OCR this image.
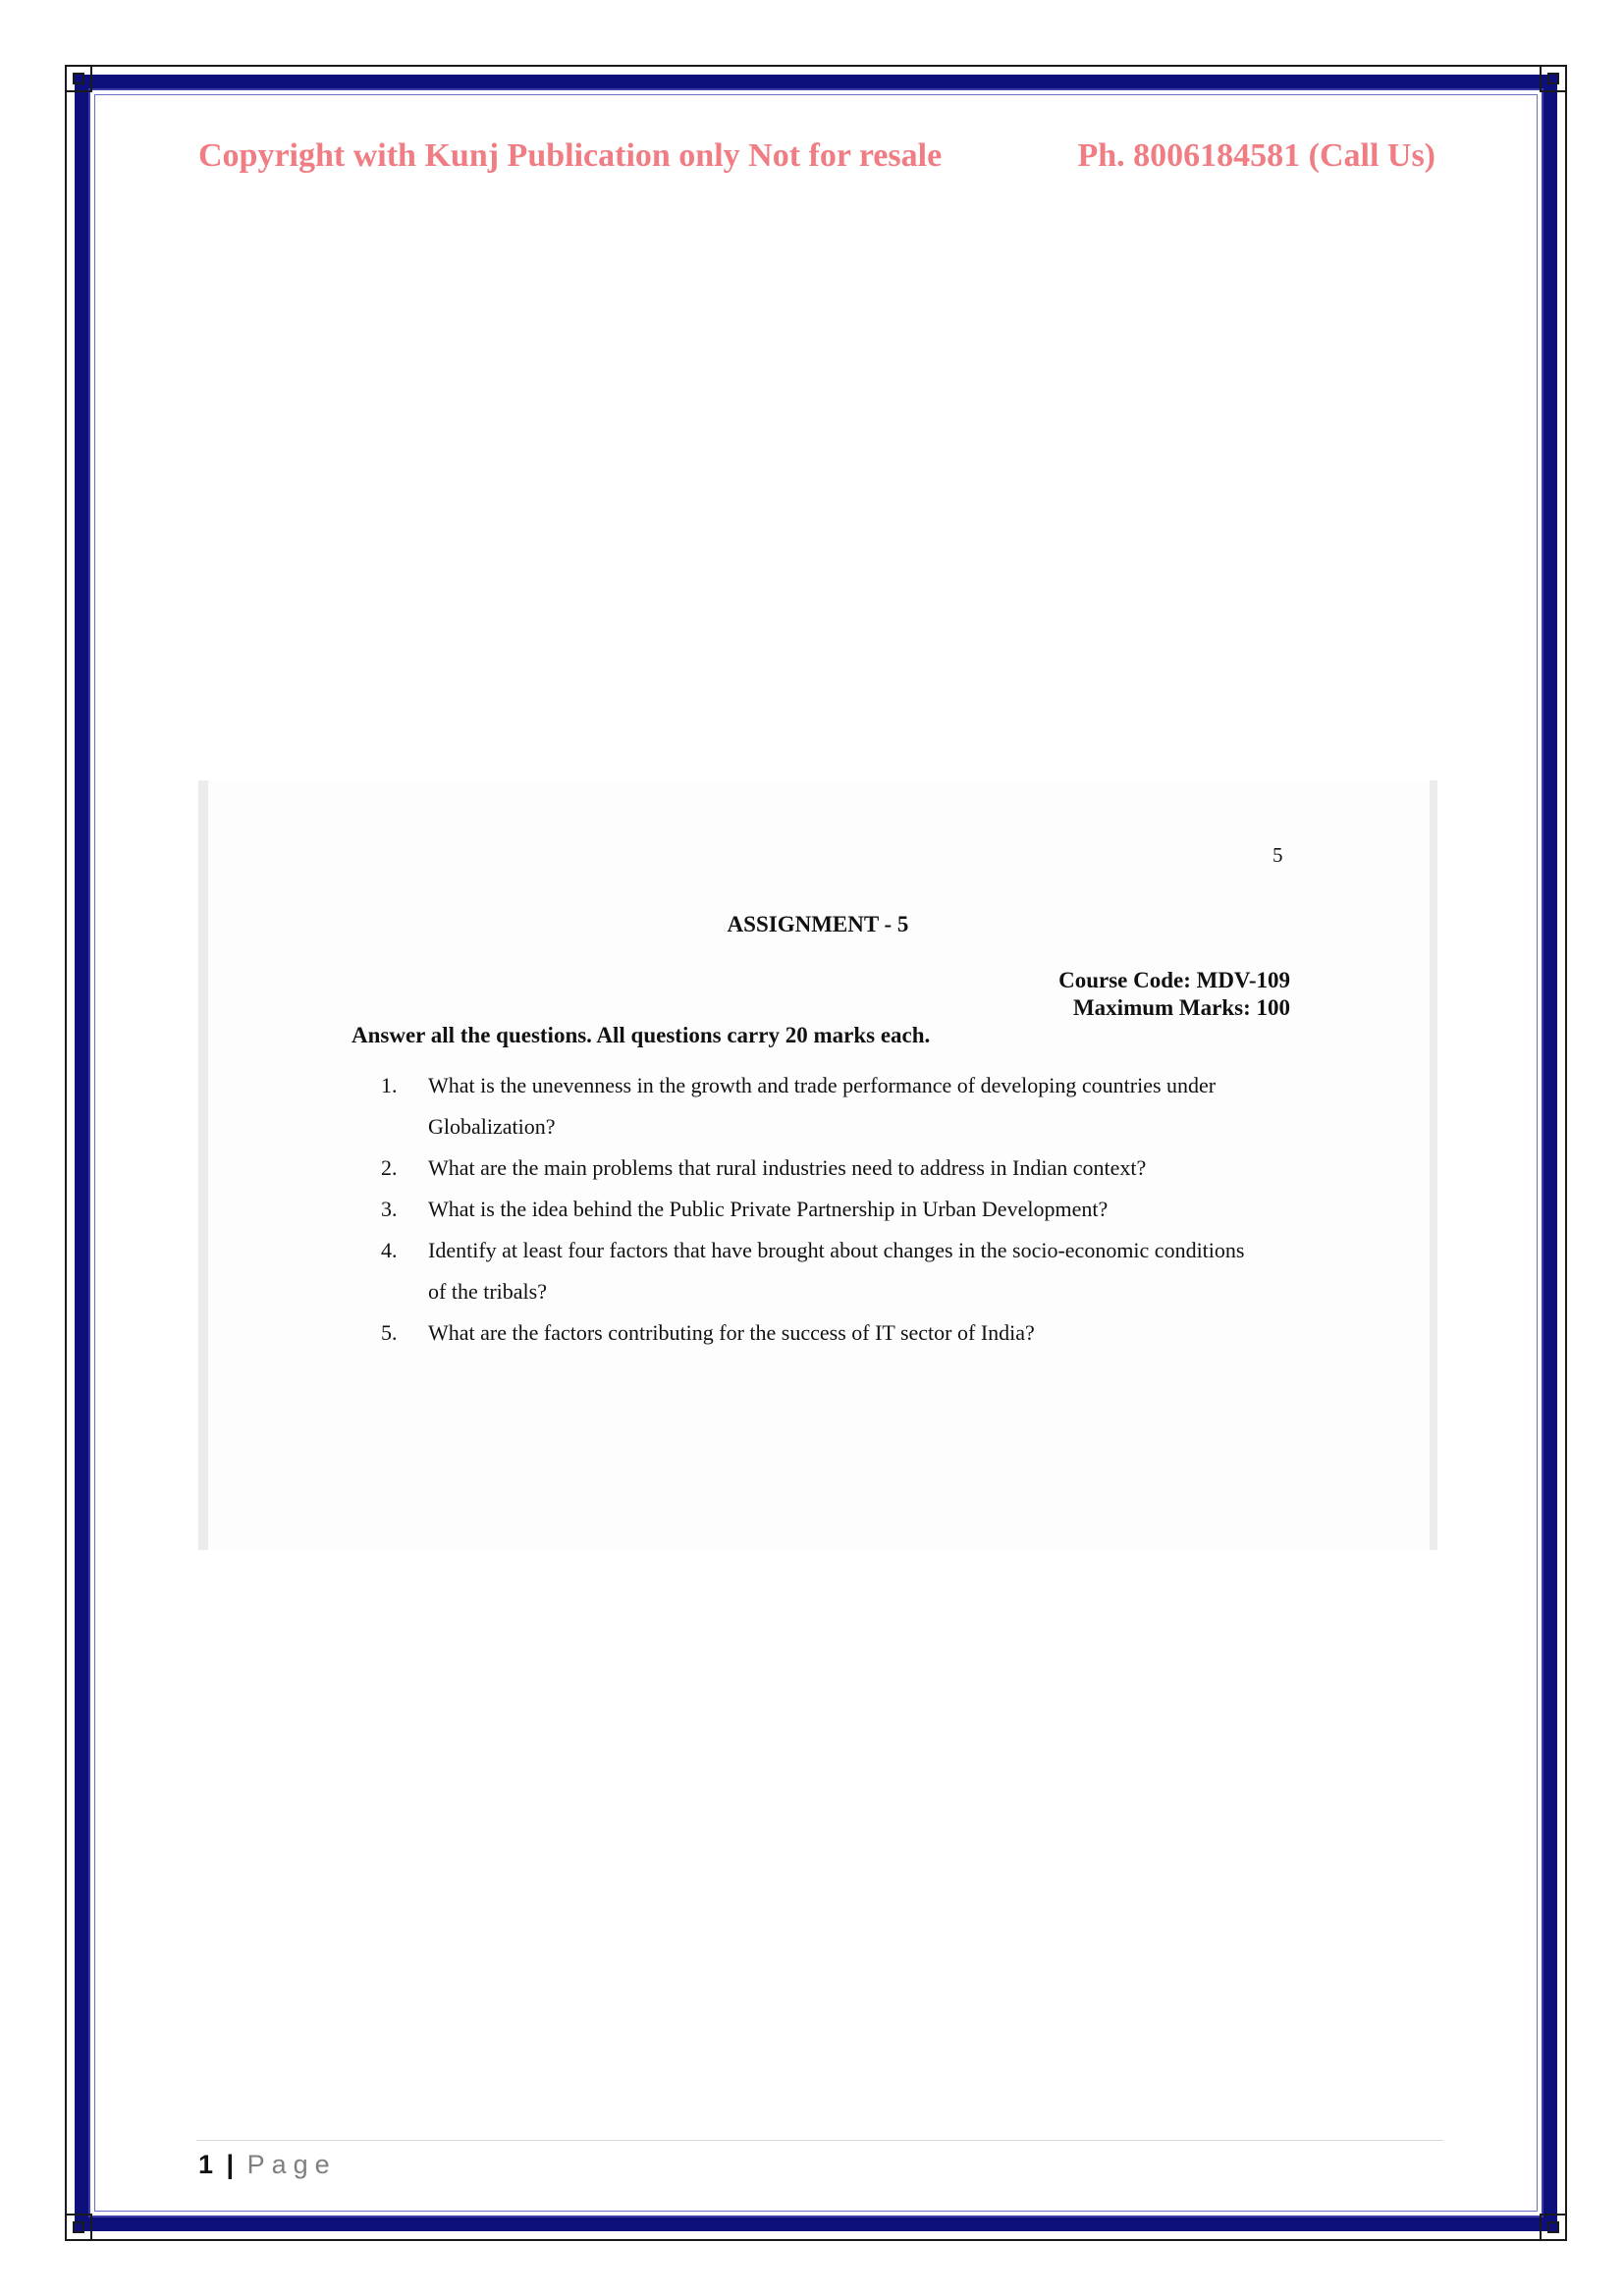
Copyright with Kunj Publication only Not for resale	Ph. 8006184581 (Call Us)
5
ASSIGNMENT - 5
Course Code: MDV-109
Maximum Marks: 100
Answer all the questions. All questions carry 20 marks each.
1.	What is the unevenness in the growth and trade performance of developing countries under Globalization?
2.	What are the main problems that rural industries need to address in Indian context?
3.	What is the idea behind the Public Private Partnership in Urban Development?
4.	Identify at least four factors that have brought about changes in the socio-economic conditions of the tribals?
5.	What are the factors contributing for the success of IT sector of India?
1 | Page
